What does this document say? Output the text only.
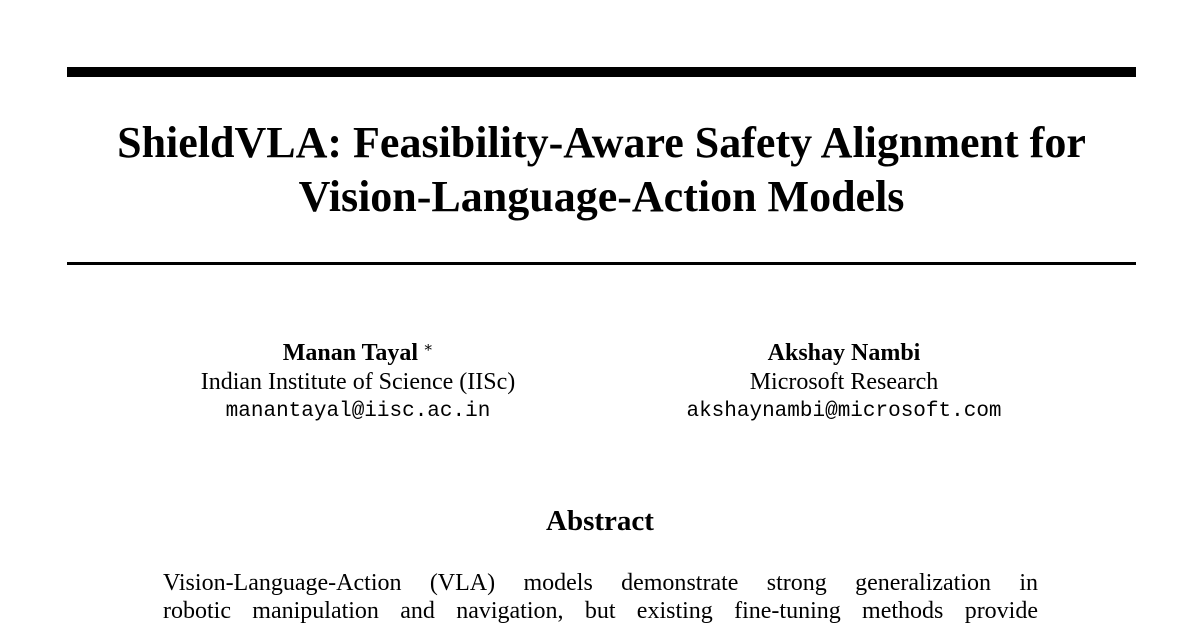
ShieldVLA: Feasibility-Aware Safety Alignment for
Vision-Language-Action Models
Manan Tayal ∗
Indian Institute of Science (IISc)
manantayal@iisc.ac.in
Akshay Nambi
Microsoft Research
akshaynambi@microsoft.com
Abstract

Vision-Language-Action (VLA) models demonstrate strong generalization in
robotic manipulation and navigation, but existing fine-tuning methods provide
